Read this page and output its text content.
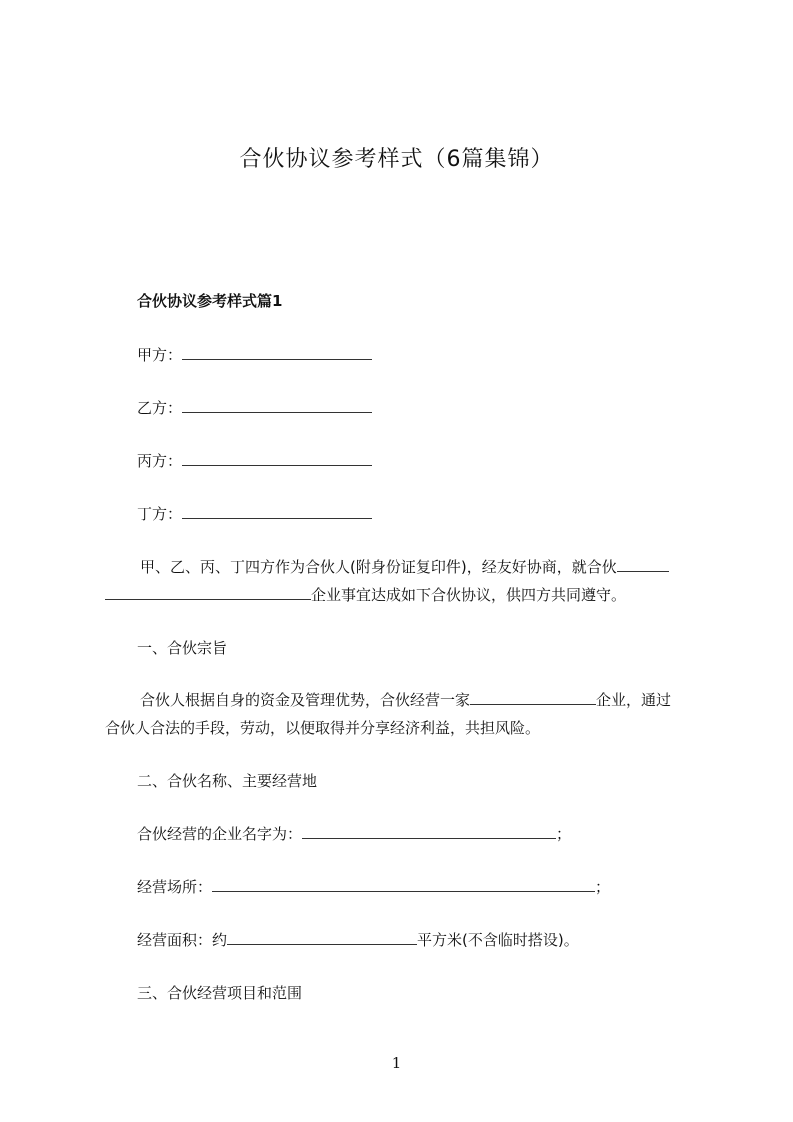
合伙协议参考样式（6篇集锦）
合伙协议参考样式篇1
甲方：
乙方：
丙方：
丁方：
甲、乙、丙、丁四方作为合伙人(附身份证复印件)，经友好协商，就合伙
企业事宜达成如下合伙协议，供四方共同遵守。
一、合伙宗旨
合伙人根据自身的资金及管理优势，合伙经营一家	企业，通过
合伙人合法的手段，劳动，以便取得并分享经济利益，共担风险。
二、合伙名称、主要经营地
合伙经营的企业名字为：	；
经营场所：	；
经营面积：约	平方米(不含临时搭设)。
三、合伙经营项目和范围
1
